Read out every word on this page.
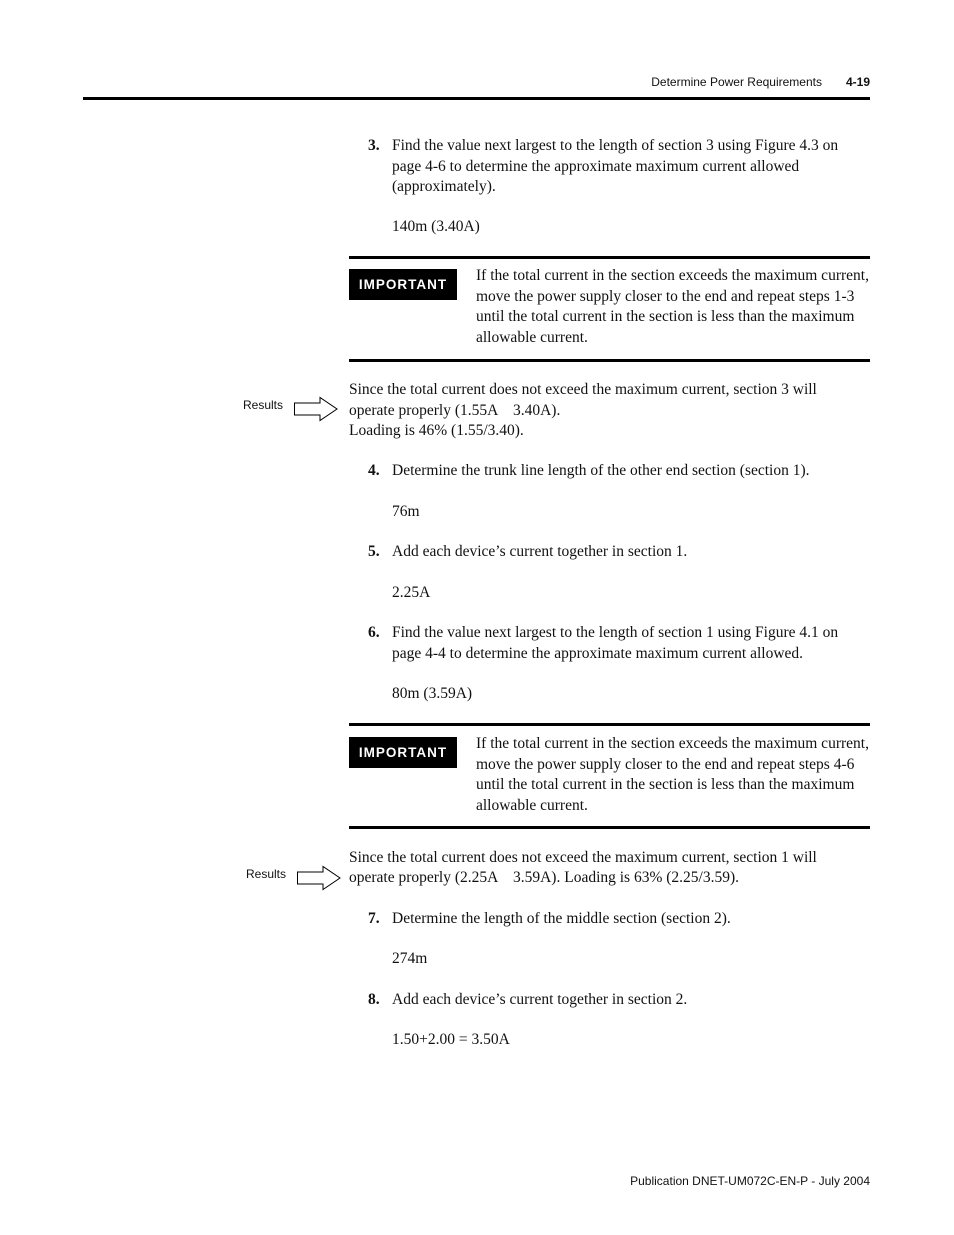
Determine Power Requirements	4-19
3. Find the value next largest to the length of section 3 using Figure 4.3 on page 4-6 to determine the approximate maximum current allowed (approximately).
140m (3.40A)
IMPORTANT
If the total current in the section exceeds the maximum current, move the power supply closer to the end and repeat steps 1-3 until the total current in the section is less than the maximum allowable current.
Results
Since the total current does not exceed the maximum current, section 3 will
operate properly (1.55A    3.40A).
Loading is 46% (1.55/3.40).
4. Determine the trunk line length of the other end section (section 1).
76m
5. Add each device’s current together in section 1.
2.25A
6. Find the value next largest to the length of section 1 using Figure 4.1 on page 4-4 to determine the approximate maximum current allowed.
80m (3.59A)
IMPORTANT
If the total current in the section exceeds the maximum current, move the power supply closer to the end and repeat steps 4-6 until the total current in the section is less than the maximum allowable current.
Results
Since the total current does not exceed the maximum current, section 1 will
operate properly (2.25A    3.59A). Loading is 63% (2.25/3.59).
7. Determine the length of the middle section (section 2).
274m
8. Add each device’s current together in section 2.
1.50+2.00 = 3.50A
Publication DNET-UM072C-EN-P - July 2004
